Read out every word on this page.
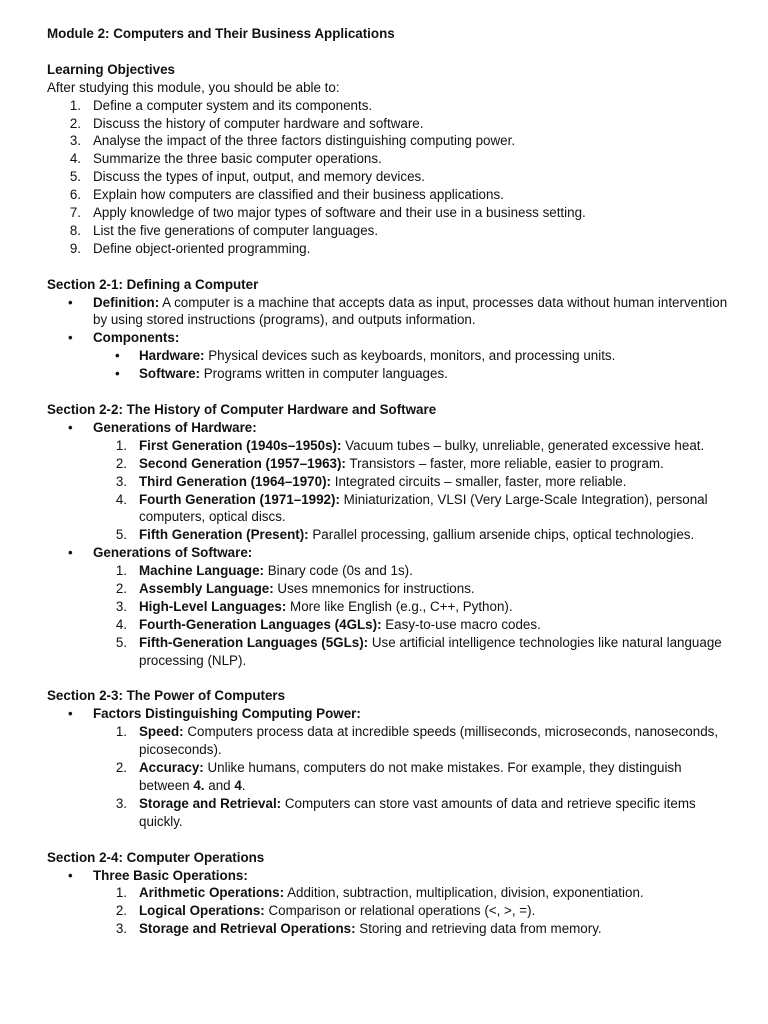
Module 2: Computers and Their Business Applications

Learning Objectives

After studying this module, you should be able to:

1. Define a computer system and its components.
2. Discuss the history of computer hardware and software.
3. Analyse the impact of the three factors distinguishing computing power.
4. Summarize the three basic computer operations.
5. Discuss the types of input, output, and memory devices.
6. Explain how computers are classified and their business applications.
7. Apply knowledge of two major types of software and their use in a business setting.
8. List the five generations of computer languages.
9. Define object-oriented programming.

Section 2-1: Defining a Computer

• Definition: A computer is a machine that accepts data as input, processes data without human intervention by using stored instructions (programs), and outputs information.
• Components:
• Hardware: Physical devices such as keyboards, monitors, and processing units.
• Software: Programs written in computer languages.

Section 2-2: The History of Computer Hardware and Software

• Generations of Hardware:
1. First Generation (1940s–1950s): Vacuum tubes – bulky, unreliable, generated excessive heat.
2. Second Generation (1957–1963): Transistors – faster, more reliable, easier to program.
3. Third Generation (1964–1970): Integrated circuits – smaller, faster, more reliable.
4. Fourth Generation (1971–1992): Miniaturization, VLSI (Very Large-Scale Integration), personal computers, optical discs.
5. Fifth Generation (Present): Parallel processing, gallium arsenide chips, optical technologies.
• Generations of Software:
1. Machine Language: Binary code (0s and 1s).
2. Assembly Language: Uses mnemonics for instructions.
3. High-Level Languages: More like English (e.g., C++, Python).
4. Fourth-Generation Languages (4GLs): Easy-to-use macro codes.
5. Fifth-Generation Languages (5GLs): Use artificial intelligence technologies like natural language processing (NLP).

Section 2-3: The Power of Computers

• Factors Distinguishing Computing Power:
1. Speed: Computers process data at incredible speeds (milliseconds, microseconds, nanoseconds, picoseconds).
2. Accuracy: Unlike humans, computers do not make mistakes. For example, they distinguish between 4. and 4.
3. Storage and Retrieval: Computers can store vast amounts of data and retrieve specific items quickly.

Section 2-4: Computer Operations

• Three Basic Operations:
1. Arithmetic Operations: Addition, subtraction, multiplication, division, exponentiation.
2. Logical Operations: Comparison or relational operations (<, >, =).
3. Storage and Retrieval Operations: Storing and retrieving data from memory.
